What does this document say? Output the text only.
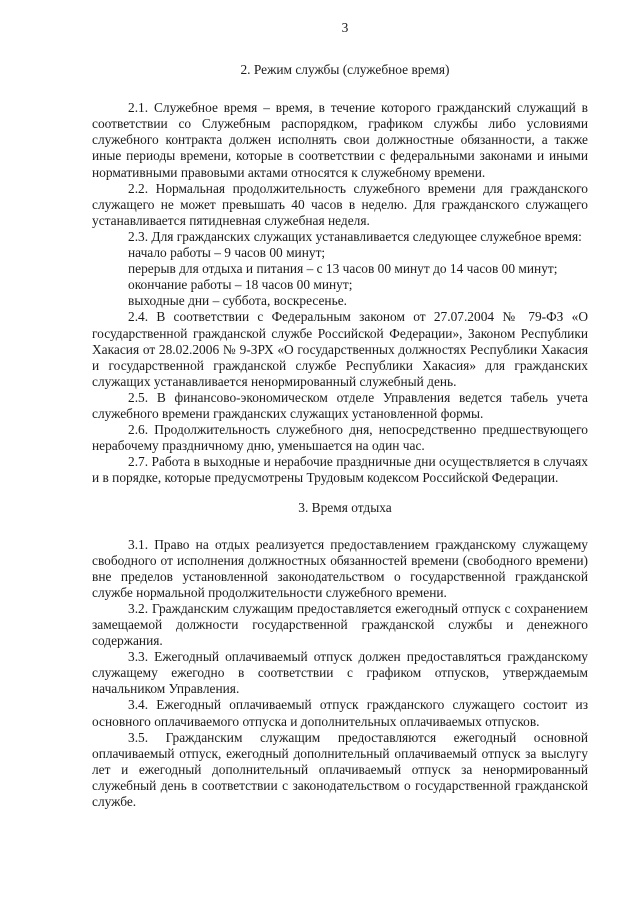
3
2. Режим службы (служебное время)

2.1. Служебное время – время, в течение которого гражданский служащий в соответствии со Служебным распорядком, графиком службы либо условиями служебного контракта должен исполнять свои должностные обязанности, а также иные периоды времени, которые в соответствии с федеральными законами и иными нормативными правовыми актами относятся к служебному времени.

2.2. Нормальная продолжительность служебного времени для гражданского служащего не может превышать 40 часов в неделю. Для гражданского служащего устанавливается пятидневная служебная неделя.

2.3. Для гражданских служащих устанавливается следующее служебное время:

начало работы – 9 часов 00 минут;

перерыв для отдыха и питания – с 13 часов 00 минут до 14 часов 00 минут;

окончание работы – 18 часов 00 минут;

выходные дни – суббота, воскресенье.

2.4. В соответствии с Федеральным законом от 27.07.2004 № 79-ФЗ «О государственной гражданской службе Российской Федерации», Законом Республики Хакасия от 28.02.2006 № 9-ЗРХ «О государственных должностях Республики Хакасия и государственной гражданской службе Республики Хакасия» для гражданских служащих устанавливается ненормированный служебный день.

2.5. В финансово-экономическом отделе Управления ведется табель учета служебного времени гражданских служащих установленной формы.

2.6. Продолжительность служебного дня, непосредственно предшествующего нерабочему праздничному дню, уменьшается на один час.

2.7. Работа в выходные и нерабочие праздничные дни осуществляется в случаях и в порядке, которые предусмотрены Трудовым кодексом Российской Федерации.

3. Время отдыха

3.1. Право на отдых реализуется предоставлением гражданскому служащему свободного от исполнения должностных обязанностей времени (свободного времени) вне пределов установленной законодательством о государственной гражданской службе нормальной продолжительности служебного времени.

3.2. Гражданским служащим предоставляется ежегодный отпуск с сохранением замещаемой должности государственной гражданской службы и денежного содержания.

3.3. Ежегодный оплачиваемый отпуск должен предоставляться гражданскому служащему ежегодно в соответствии с графиком отпусков, утверждаемым начальником Управления.

3.4. Ежегодный оплачиваемый отпуск гражданского служащего состоит из основного оплачиваемого отпуска и дополнительных оплачиваемых отпусков.

3.5. Гражданским служащим предоставляются ежегодный основной оплачиваемый отпуск, ежегодный дополнительный оплачиваемый отпуск за выслугу лет и ежегодный дополнительный оплачиваемый отпуск за ненормированный служебный день в соответствии с законодательством о государственной гражданской службе.
